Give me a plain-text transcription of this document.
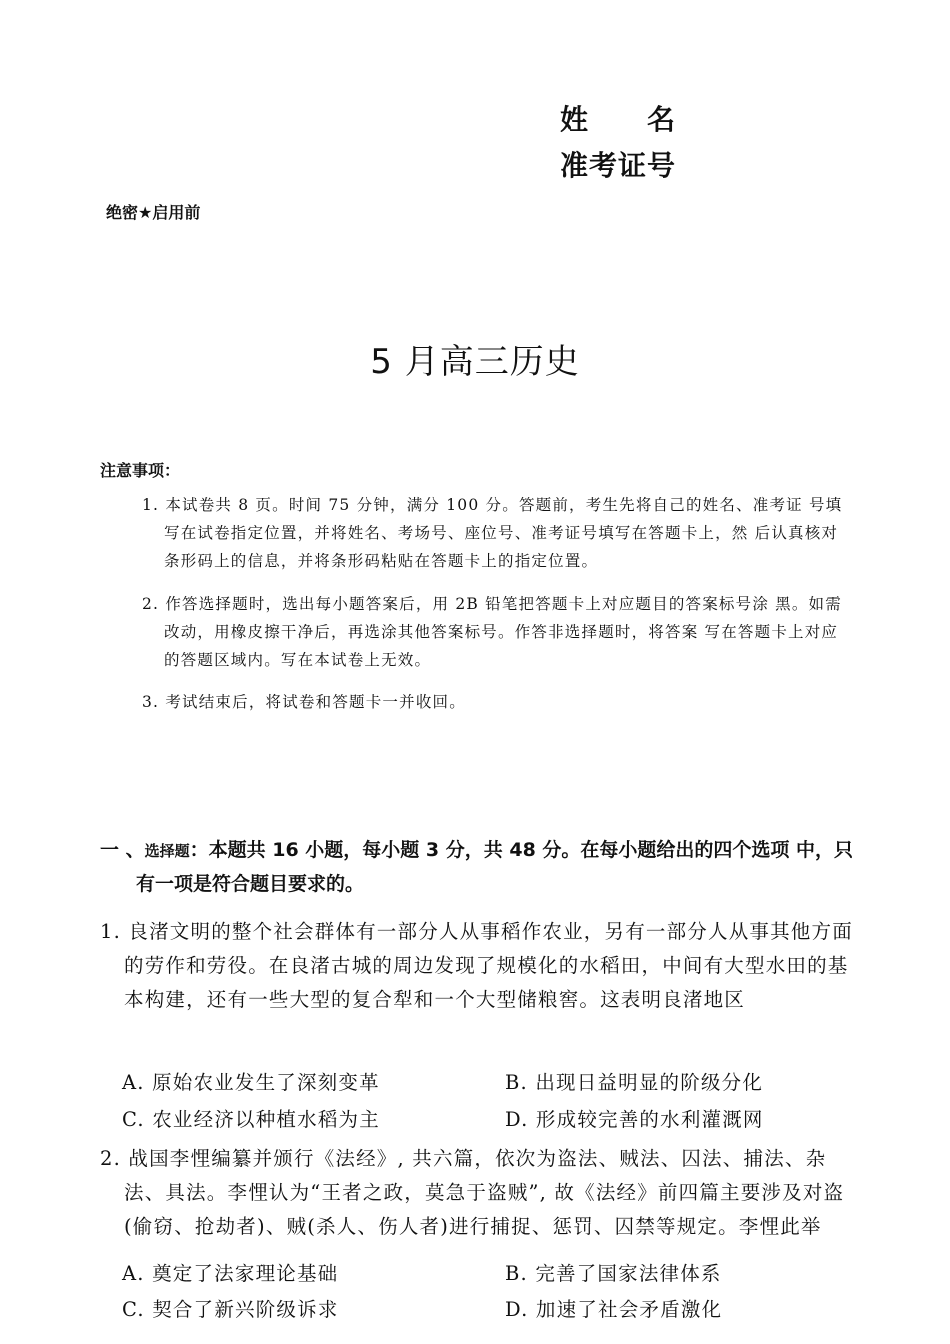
姓　　名
准考证号
绝密★启用前
5 月高三历史
注意事项：

1. 本试卷共 8 页。时间 75 分钟，满分 100 分。答题前，考生先将自己的姓名、准考证 号填写在试卷指定位置，并将姓名、考场号、座位号、准考证号填写在答题卡上，然 后认真核对条形码上的信息，并将条形码粘贴在答题卡上的指定位置。

2. 作答选择题时，选出每小题答案后，用 2B 铅笔把答题卡上对应题目的答案标号涂 黑。如需改动，用橡皮擦干净后，再选涂其他答案标号。作答非选择题时，将答案 写在答题卡上对应的答题区域内。写在本试卷上无效。

3. 考试结束后，将试卷和答题卡一并收回。

一 、选择题：本题共 16 小题，每小题 3 分，共 48 分。在每小题给出的四个选项 中，只有一项是符合题目要求的。

1. 良渚文明的整个社会群体有一部分人从事稻作农业，另有一部分人从事其他方面的劳作和劳役。在良渚古城的周边发现了规模化的水稻田，中间有大型水田的基本构建，还有一些大型的复合犁和一个大型储粮窖。这表明良渚地区

A. 原始农业发生了深刻变革	B. 出现日益明显的阶级分化
C. 农业经济以种植水稻为主	D. 形成较完善的水利灌溉网

2. 战国李悝编纂并颁行《法经》, 共六篇，依次为盗法、贼法、囚法、捕法、杂法、具法。李悝认为“王者之政，莫急于盗贼”, 故《法经》前四篇主要涉及对盗(偷窃、抢劫者)、贼(杀人、伤人者)进行捕捉、惩罚、囚禁等规定。李悝此举

A. 奠定了法家理论基础	B. 完善了国家法律体系
C. 契合了新兴阶级诉求	D. 加速了社会矛盾激化
